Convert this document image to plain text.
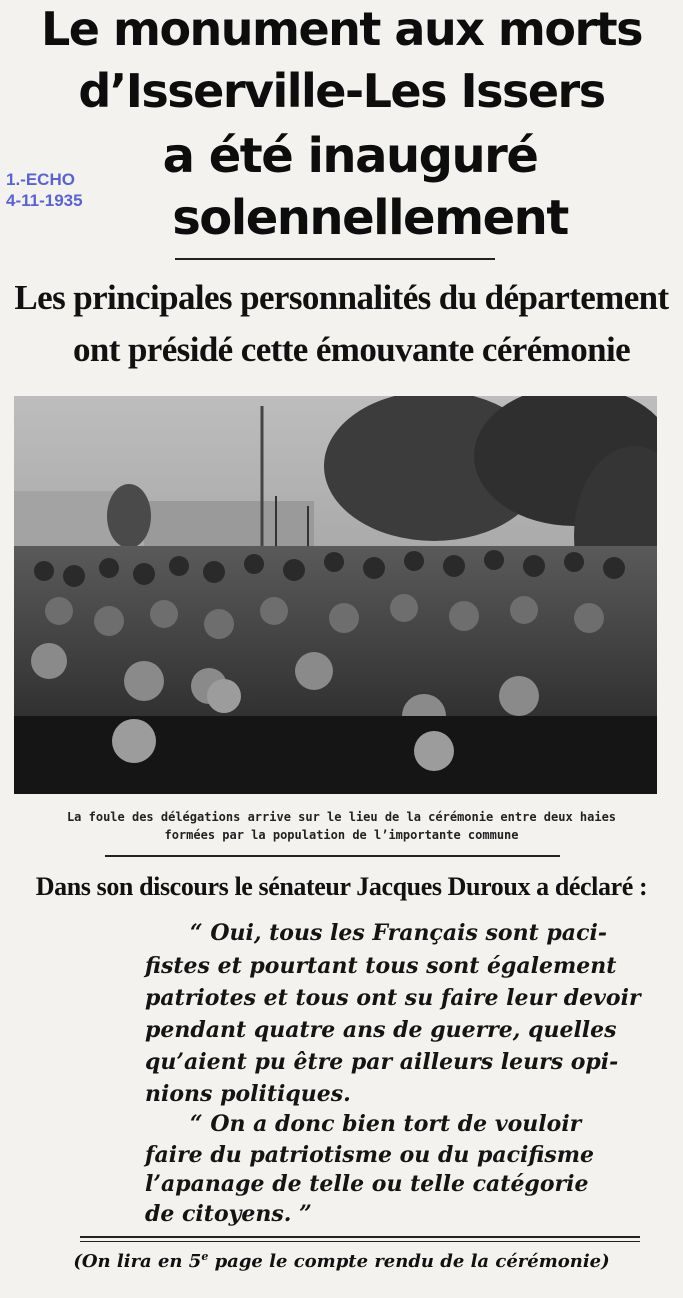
Le monument aux morts
d’Isserville-Les Issers
a été inauguré
solennellement
1.-ECHO
4-11-1935
Les principales personnalités du département
ont présidé cette émouvante cérémonie
La foule des délégations arrive sur le lieu de la cérémonie entre deux haies
formées par la population de l’importante commune
Dans son discours le sénateur Jacques Duroux a déclaré :
“ Oui, tous les Français sont paci-
fistes et pourtant tous sont également
patriotes et tous ont su faire leur devoir
pendant quatre ans de guerre, quelles
qu’aient pu être par ailleurs leurs opi-
nions politiques.
“ On a donc bien tort de vouloir
faire du patriotisme ou du pacifisme
l’apanage de telle ou telle catégorie
de citoyens. ”
(On lira en 5e page le compte rendu de la cérémonie)
